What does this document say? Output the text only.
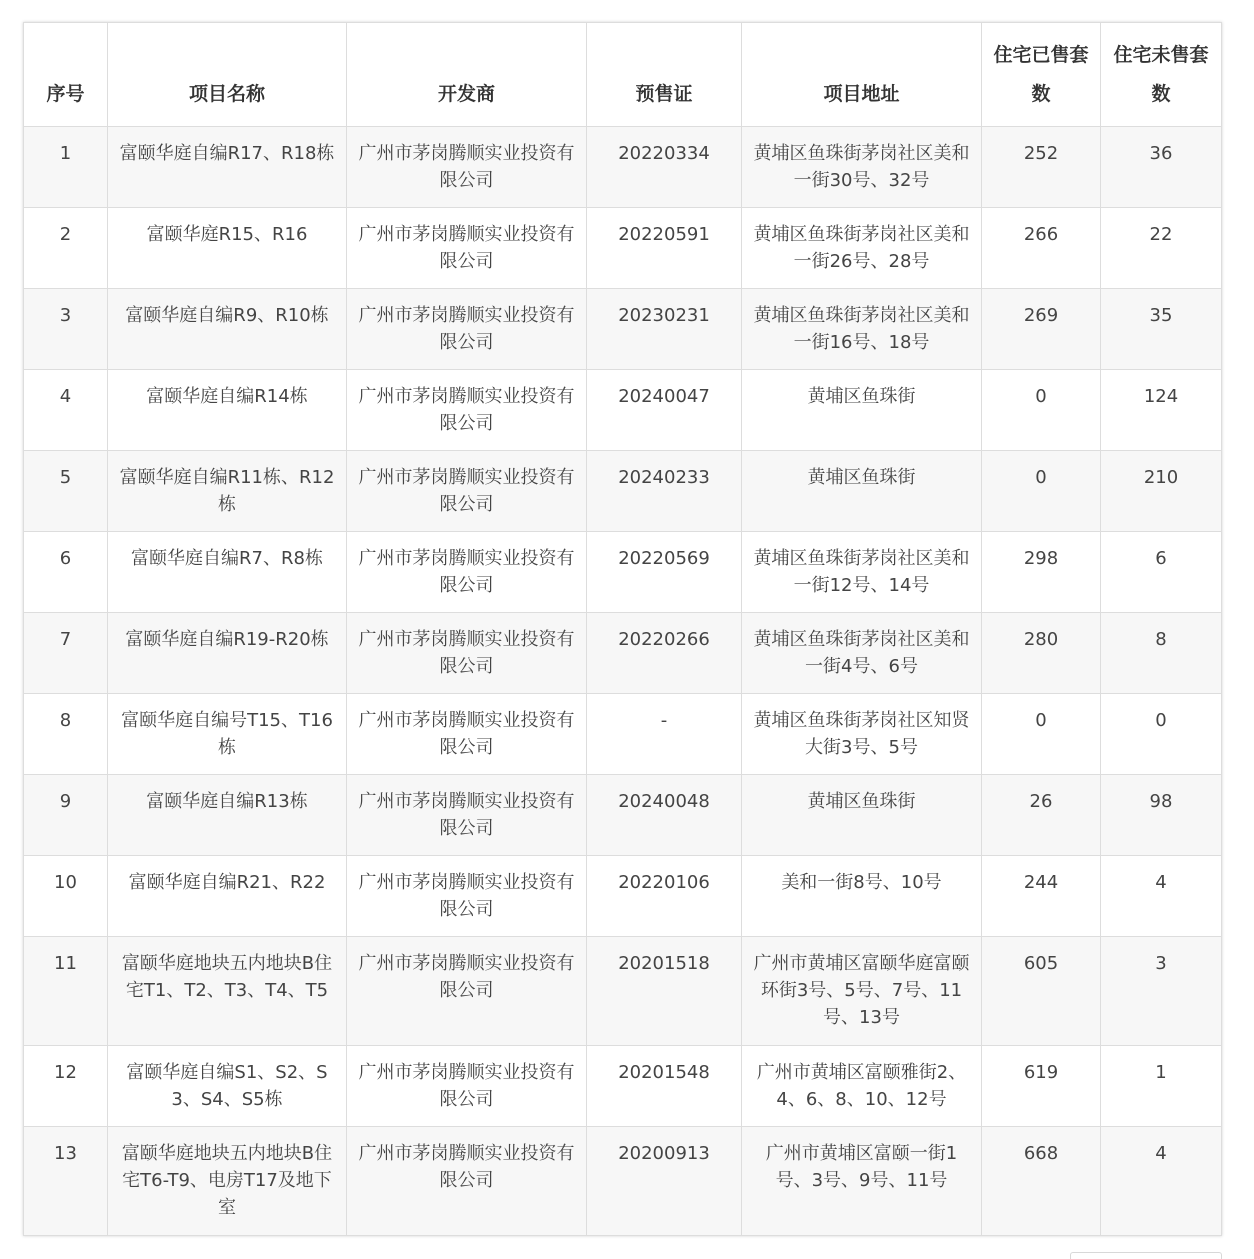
序号	项目名称	开发商	预售证	项目地址	住宅已售套数	住宅未售套数
1	富颐华庭自编R17、R18栋	广州市茅岗腾顺实业投资有限公司	20220334	黄埔区鱼珠街茅岗社区美和一街30号、32号	252	36
2	富颐华庭R15、R16	广州市茅岗腾顺实业投资有限公司	20220591	黄埔区鱼珠街茅岗社区美和一街26号、28号	266	22
3	富颐华庭自编R9、R10栋	广州市茅岗腾顺实业投资有限公司	20230231	黄埔区鱼珠街茅岗社区美和一街16号、18号	269	35
4	富颐华庭自编R14栋	广州市茅岗腾顺实业投资有限公司	20240047	黄埔区鱼珠街	0	124
5	富颐华庭自编R11栋、R12栋	广州市茅岗腾顺实业投资有限公司	20240233	黄埔区鱼珠街	0	210
6	富颐华庭自编R7、R8栋	广州市茅岗腾顺实业投资有限公司	20220569	黄埔区鱼珠街茅岗社区美和一街12号、14号	298	6
7	富颐华庭自编R19-R20栋	广州市茅岗腾顺实业投资有限公司	20220266	黄埔区鱼珠街茅岗社区美和一街4号、6号	280	8
8	富颐华庭自编号T15、T16栋	广州市茅岗腾顺实业投资有限公司	-	黄埔区鱼珠街茅岗社区知贤大街3号、5号	0	0
9	富颐华庭自编R13栋	广州市茅岗腾顺实业投资有限公司	20240048	黄埔区鱼珠街	26	98
10	富颐华庭自编R21、R22	广州市茅岗腾顺实业投资有限公司	20220106	美和一街8号、10号	244	4
11	富颐华庭地块五内地块B住宅T1、T2、T3、T4、T5	广州市茅岗腾顺实业投资有限公司	20201518	广州市黄埔区富颐华庭富颐环街3号、5号、7号、11号、13号	605	3
12	富颐华庭自编S1、S2、S3、S4、S5栋	广州市茅岗腾顺实业投资有限公司	20201548	广州市黄埔区富颐雅街2、4、6、8、10、12号	619	1
13	富颐华庭地块五内地块B住宅T6-T9、电房T17及地下室	广州市茅岗腾顺实业投资有限公司	20200913	广州市黄埔区富颐一街1号、3号、9号、11号	668	4
